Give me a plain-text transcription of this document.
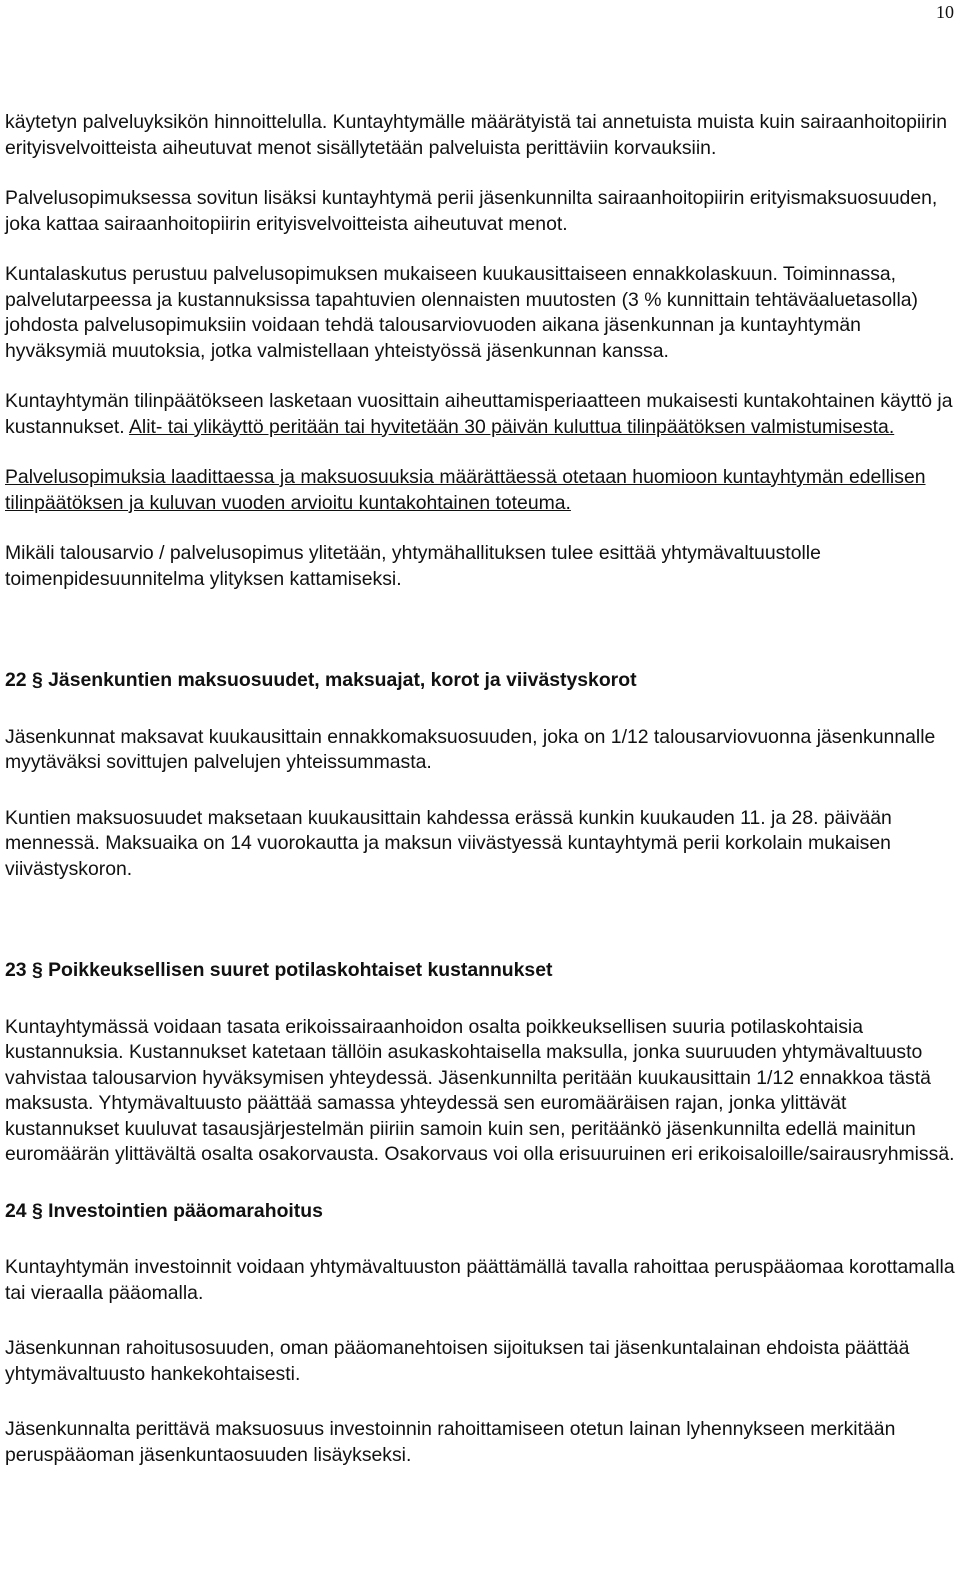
10

käytetyn palveluyksikön hinnoittelulla. Kuntayhtymälle määrätyistä tai annetuista muista kuin sairaanhoitopiirin erityisvelvoitteista aiheutuvat menot sisällytetään palveluista perittäviin korvauksiin.

Palvelusopimuksessa sovitun lisäksi kuntayhtymä perii jäsenkunnilta sairaanhoitopiirin erityismaksuosuuden, joka kattaa sairaanhoitopiirin erityisvelvoitteista aiheutuvat menot.

Kuntalaskutus perustuu palvelusopimuksen mukaiseen kuukausittaiseen ennakkolaskuun. Toiminnassa, palvelutarpeessa ja kustannuksissa tapahtuvien olennaisten muutosten (3 % kunnittain tehtäväaluetasolla) johdosta palvelusopimuksiin voidaan tehdä talousarviovuoden aikana jäsenkunnan ja kuntayhtymän hyväksymiä muutoksia, jotka valmistellaan yhteistyössä jäsenkunnan kanssa.

Kuntayhtymän tilinpäätökseen lasketaan vuosittain aiheuttamisperiaatteen mukaisesti kuntakohtainen käyttö ja kustannukset. Alit- tai ylikäyttö peritään tai hyvitetään 30 päivän kuluttua tilinpäätöksen valmistumisesta.

Palvelusopimuksia laadittaessa ja maksuosuuksia määrättäessä otetaan huomioon kuntayhtymän edellisen tilinpäätöksen ja kuluvan vuoden arvioitu kuntakohtainen toteuma.

Mikäli talousarvio / palvelusopimus ylitetään, yhtymähallituksen tulee esittää yhtymävaltuustolle toimenpidesuunnitelma ylityksen kattamiseksi.

22 § Jäsenkuntien maksuosuudet, maksuajat, korot ja viivästyskorot

Jäsenkunnat maksavat kuukausittain ennakkomaksuosuuden, joka on 1/12 talousarviovuonna jäsenkunnalle myytäväksi sovittujen palvelujen yhteissummasta.

Kuntien maksuosuudet maksetaan kuukausittain kahdessa erässä kunkin kuukauden 11. ja 28. päivään mennessä. Maksuaika on 14 vuorokautta ja maksun viivästyessä kuntayhtymä perii korkolain mukaisen viivästyskoron.

23 § Poikkeuksellisen suuret potilaskohtaiset kustannukset

Kuntayhtymässä voidaan tasata erikoissairaanhoidon osalta poikkeuksellisen suuria potilaskohtaisia kustannuksia. Kustannukset katetaan tällöin asukaskohtaisella maksulla, jonka suuruuden yhtymävaltuusto vahvistaa talousarvion hyväksymisen yhteydessä. Jäsenkunnilta peritään kuukausittain 1/12 ennakkoa tästä maksusta. Yhtymävaltuusto päättää samassa yhteydessä sen euromääräisen rajan, jonka ylittävät kustannukset kuuluvat tasausjärjestelmän piiriin samoin kuin sen, peritäänkö jäsenkunnilta edellä mainitun euromäärän ylittävältä osalta osakorvausta. Osakorvaus voi olla erisuuruinen eri erikoisaloille/sairausryhmissä.

24 § Investointien pääomarahoitus

Kuntayhtymän investoinnit voidaan yhtymävaltuuston päättämällä tavalla rahoittaa peruspääomaa korottamalla tai vieraalla pääomalla.

Jäsenkunnan rahoitusosuuden, oman pääomanehtoisen sijoituksen tai jäsenkuntalainan ehdoista päättää yhtymävaltuusto hankekohtaisesti.

Jäsenkunnalta perittävä maksuosuus investoinnin rahoittamiseen otetun lainan lyhennykseen merkitään peruspääoman jäsenkuntaosuuden lisäykseksi.
